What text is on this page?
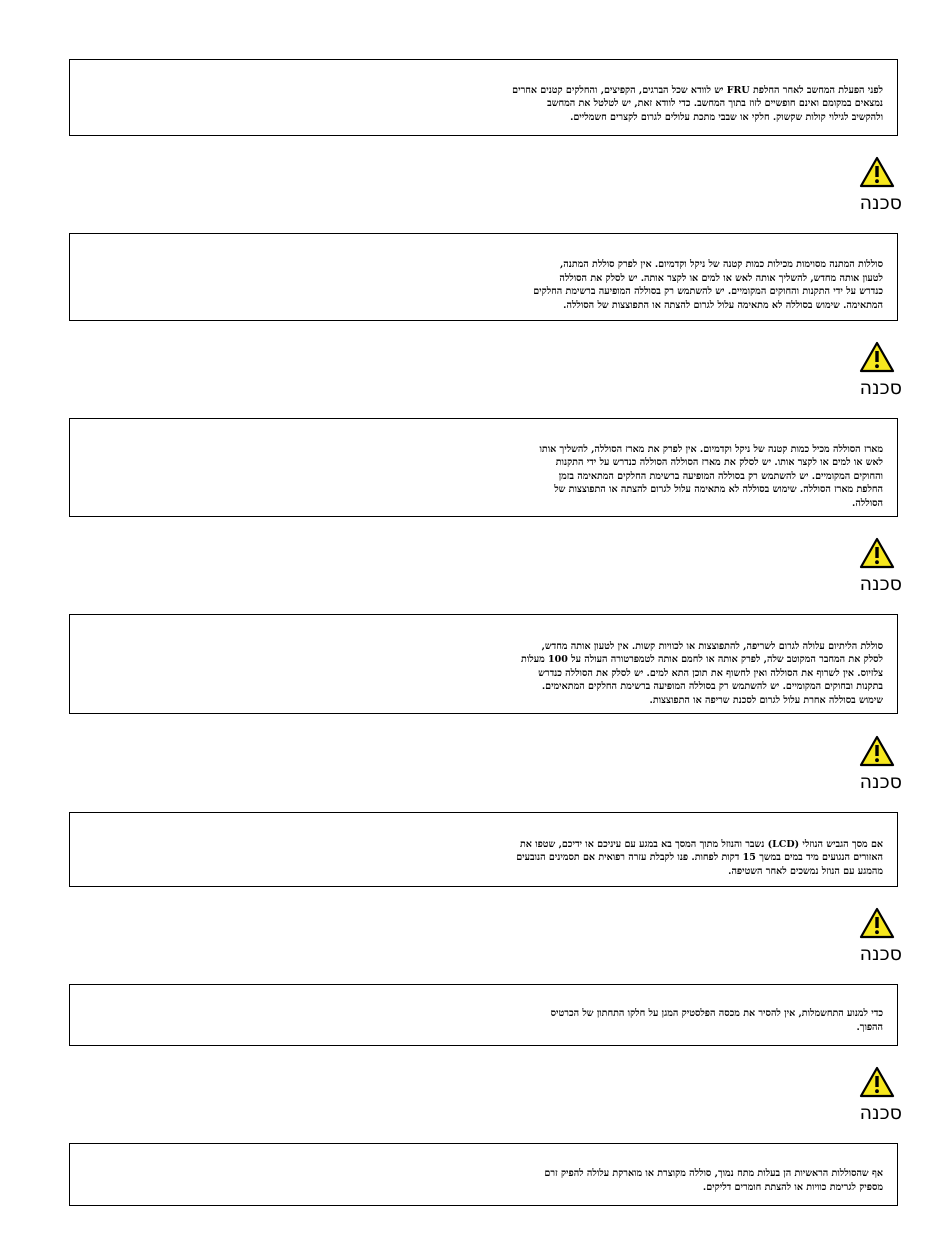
לפני הפעלת המחשב לאחר החלפת FRU יש לוודא שכל הברגים, הקפיצים, והחלקים קטנים אחרים
נמצאים במקומם ואינם חופשיים לזוז בתוך המחשב. כדי לוודא זאת, יש לטלטל את המחשב
ולהקשיב לגילוי קולות שקשוק. חלקי או שבבי מתכת עלולים לגרום לקצרים חשמליים.
סכנה
סוללות המתנה מסוימות מכילות כמות קטנה של ניקל וקדמיום. אין לפרק סוללת המתנה,
לטעון אותה מחדש, להשליך אותה לאש או למים או לקצר אותה. יש לסלק את הסוללה
כנדרש על ידי התקנות והחוקים המקומיים. יש להשתמש רק בסוללה המופיעה ברשימת החלקים
המתאימה. שימוש בסוללה לא מתאימה עלול לגרום להצתה או התפוצצות של הסוללה.
סכנה
מארז הסוללה מכיל כמות קטנה של ניקל וקדמיום. אין לפרק את מארז הסוללה, להשליך אותו
לאש או למים או לקצר אותו. יש לסלק את מארז הסוללה הסוללה כנדרש על ידי התקנות
והחוקים המקומיים. יש להשתמש רק בסוללה המופיעה ברשימת החלקים המתאימה בזמן
החלפת מארז הסוללה. שימוש בסוללה לא מתאימה עלול לגרום להצתה או התפוצצות של
הסוללה.
סכנה
סוללת הליתיום עלולה לגרום לשריפה, להתפוצצות או לכוויות קשות. אין לטעון אותה מחדש,
לסלק את המחבר המקוטב שלה, לפרק אותה או לחמם אותה לטמפרטורה העולה על 100 מעלות
צלזיוס. אין לשרוף את הסוללה ואין לחשוף את תוכן התא למים. יש לסלק את הסוללה כנדרש
בתקנות ובחוקים המקומיים. יש להשתמש רק בסוללה המופיעה ברשימת החלקים המתאימים.
שימוש בסוללה אחרת עלול לגרום לסכנת שריפה או התפוצצות.
סכנה
אם מסך הגביש הנוזלי (LCD) נשבר והנוזל מתוך המסך בא במגע עם עיניכם או ידיכם, שטפו את
האזורים הנגועים מיד במים במשך 15 דקות לפחות. פנו לקבלת עזרה רפואית אם תסמינים הנובעים
מהמגע עם הנוזל נמשכים לאחר השטיפה.
סכנה
כדי למנוע התחשמלות, אין להסיר את מכסה הפלסטיק המגן על חלקו התחתון של הכרטיס
ההפוך.
סכנה
אף שהסוללות הראשיות הן בעלות מתח נמוך, סוללה מקוצרת או מוארקת עלולה להפיק זרם
מספיק לגרימת כוויות או להצתת חומרים דליקים.
